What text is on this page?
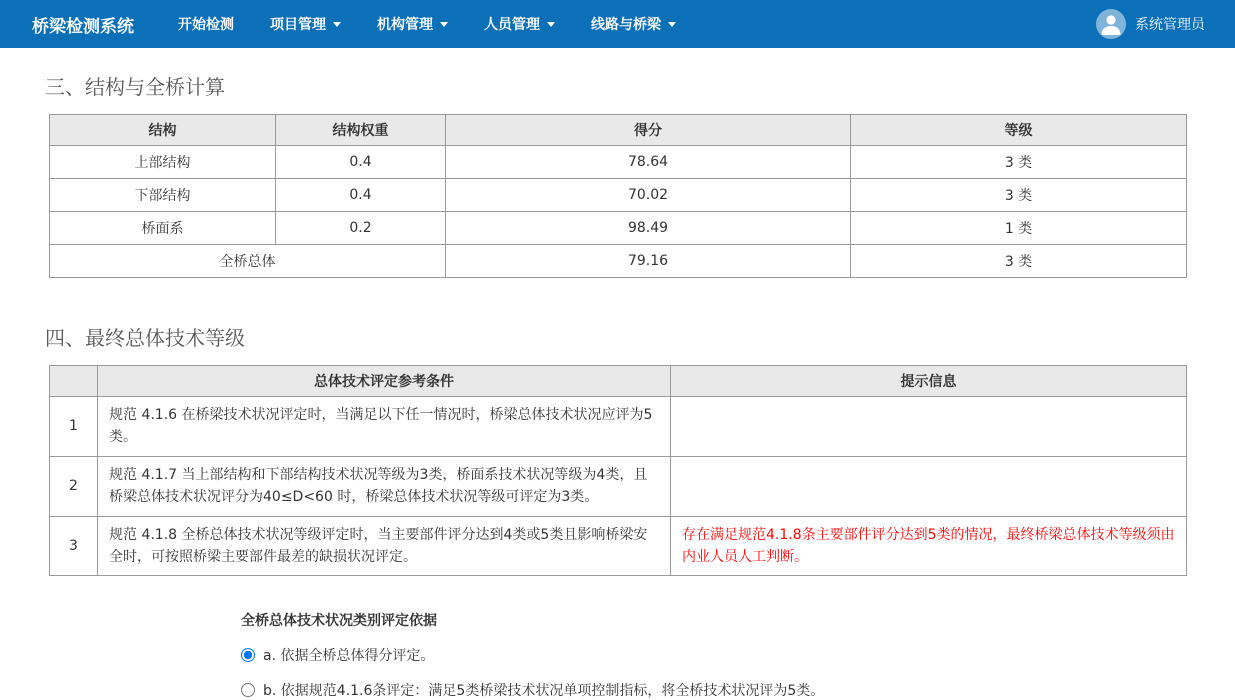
桥梁检测系统	开始检测	项目管理	机构管理	人员管理	线路与桥梁	系统管理员
三、结构与全桥计算
结构	结构权重	得分	等级
上部结构	0.4	78.64	3 类
下部结构	0.4	70.02	3 类
桥面系	0.2	98.49	1 类
全桥总体		79.16	3 类
四、最终总体技术等级
	总体技术评定参考条件	提示信息
1	规范 4.1.6 在桥梁技术状况评定时，当满足以下任一情况时，桥梁总体技术状况应评为5类。	
2	规范 4.1.7 当上部结构和下部结构技术状况等级为3类，桥面系技术状况等级为4类，且桥梁总体技术状况评分为40≤D<60 时，桥梁总体技术状况等级可评定为3类。	
3	规范 4.1.8 全桥总体技术状况等级评定时，当主要部件评分达到4类或5类且影响桥梁安全时，可按照桥梁主要部件最差的缺损状况评定。	存在满足规范4.1.8条主要部件评分达到5类的情况，最终桥梁总体技术等级须由内业人员人工判断。
全桥总体技术状况类别评定依据
a. 依据全桥总体得分评定。
b. 依据规范4.1.6条评定：满足5类桥梁技术状况单项控制指标，将全桥技术状况评为5类。
